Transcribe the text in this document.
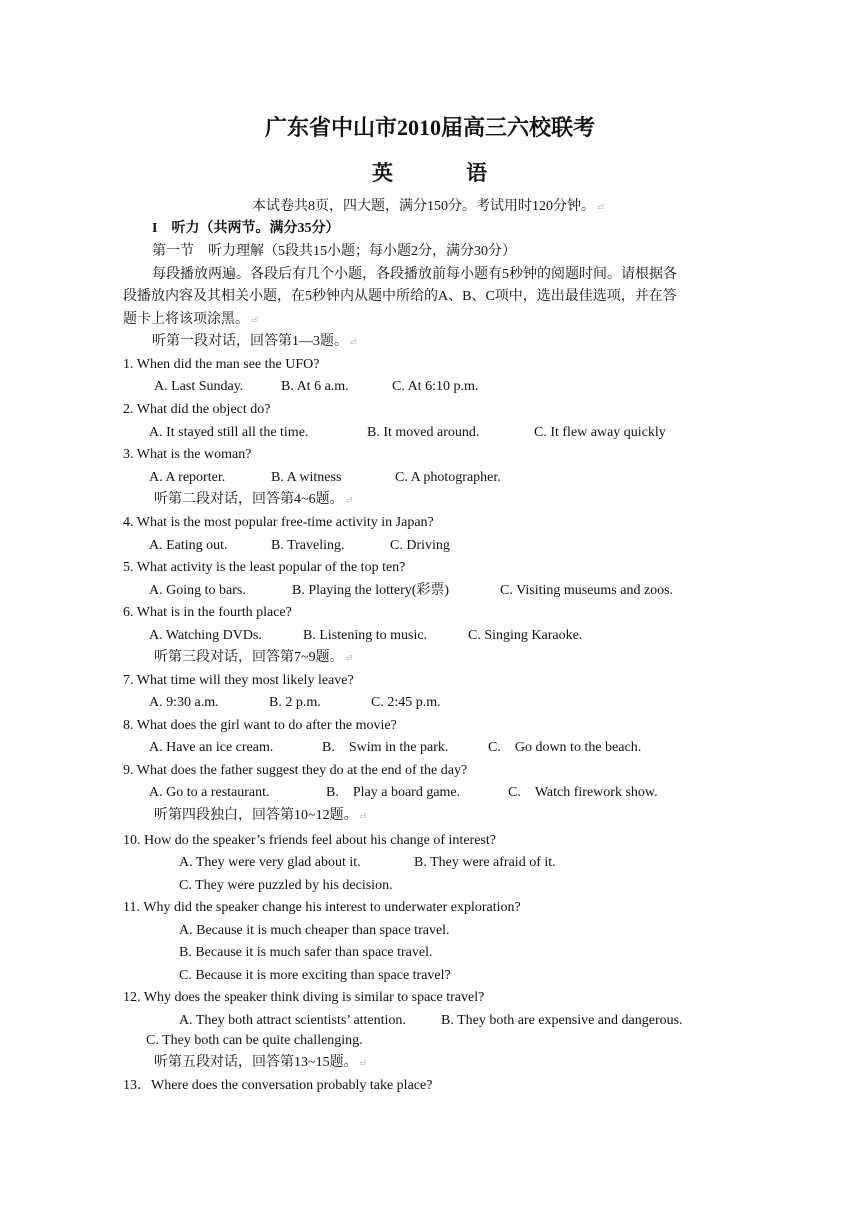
广东省中山市2010届高三六校联考
英	语
本试卷共8页，四大题，满分150分。考试用时120分钟。 ⏎
I　听力（共两节。满分35分）
第一节　听力理解（5段共15小题；每小题2分，满分30分）
每段播放两遍。各段后有几个小题，各段播放前每小题有5秒钟的阅题时间。请根据各
段播放内容及其相关小题，在5秒钟内从题中所给的A、B、C项中，选出最佳选项，并在答
题卡上将该项涂黑。 ⏎
听第一段对话，回答第1—3题。 ⏎
1. When did the man see the UFO?
A. Last Sunday.	B. At 6 a.m.	C. At 6:10 p.m.
2. What did the object do?
A. It stayed still all the time.	B. It moved around.	C. It flew away quickly
3. What is the woman?
A. A reporter.	B. A witness	C. A photographer.
听第二段对话，回答第4~6题。 ⏎
4. What is the most popular free-time activity in Japan?
A. Eating out.	B. Traveling.	C. Driving
5. What activity is the least popular of the top ten?
A. Going to bars.	B. Playing the lottery(彩票)	C. Visiting museums and zoos.
6. What is in the fourth place?
A. Watching DVDs.	B. Listening to music.	C. Singing Karaoke.
听第三段对话，回答第7~9题。 ⏎
7. What time will they most likely leave?
A. 9:30 a.m.	B. 2 p.m.	C. 2:45 p.m.
8. What does the girl want to do after the movie?
A. Have an ice cream.	B.　Swim in the park.	C.　Go down to the beach.
9. What does the father suggest they do at the end of the day?
A. Go to a restaurant.	B.　Play a board game.	C.　Watch firework show.
听第四段独白，回答第10~12题。 ⏎
10. How do the speaker’s friends feel about his change of interest?
A. They were very glad about it.	B. They were afraid of it.
C. They were puzzled by his decision.
11. Why did the speaker change his interest to underwater exploration?
A. Because it is much cheaper than space travel.
B. Because it is much safer than space travel.
C. Because it is more exciting than space travel?
12. Why does the speaker think diving is similar to space travel?
A. They both attract scientists’ attention.	B. They both are expensive and dangerous.
C. They both can be quite challenging.
听第五段对话，回答第13~15题。 ⏎
13．Where does the conversation probably take place?
